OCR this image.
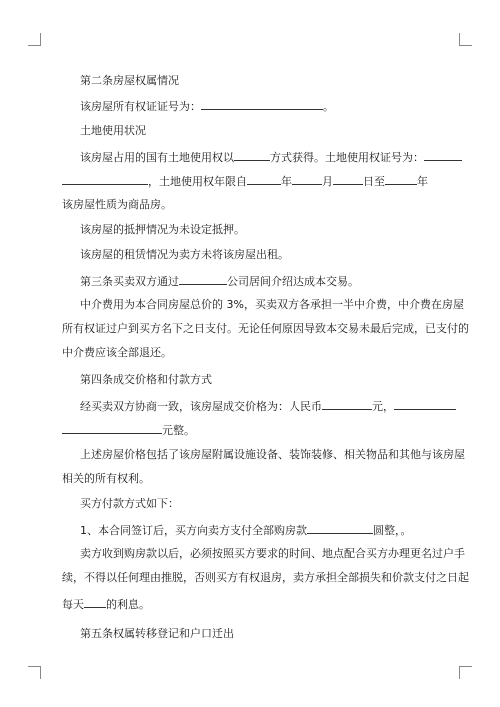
第二条房屋权属情况
该房屋所有权证证号为：	。
土地使用状况
该房屋占用的国有土地使用权以	方式获得。土地使用权证号为：
，土地使用权年限自	年	月	日至	年
该房屋性质为商品房。
该房屋的抵押情况为未设定抵押。
该房屋的租赁情况为卖方未将该房屋出租。
第三条买卖双方通过	公司居间介绍达成本交易。
中介费用为本合同房屋总价的 3%，买卖双方各承担一半中介费，中介费在房屋
所有权证过户到买方名下之日支付。无论任何原因导致本交易未最后完成，已支付的
中介费应该全部退还。
第四条成交价格和付款方式
经买卖双方协商一致，该房屋成交价格为：人民币	元，
元整。
上述房屋价格包括了该房屋附属设施设备、装饰装修、相关物品和其他与该房屋
相关的所有权利。
买方付款方式如下：
1、本合同签订后，买方向卖方支付全部购房款	圆整，。
卖方收到购房款以后，必须按照买方要求的时间、地点配合买方办理更名过户手
续，不得以任何理由推脱，否则买方有权退房，卖方承担全部损失和价款支付之日起
每天 的利息。
第五条权属转移登记和户口迁出
